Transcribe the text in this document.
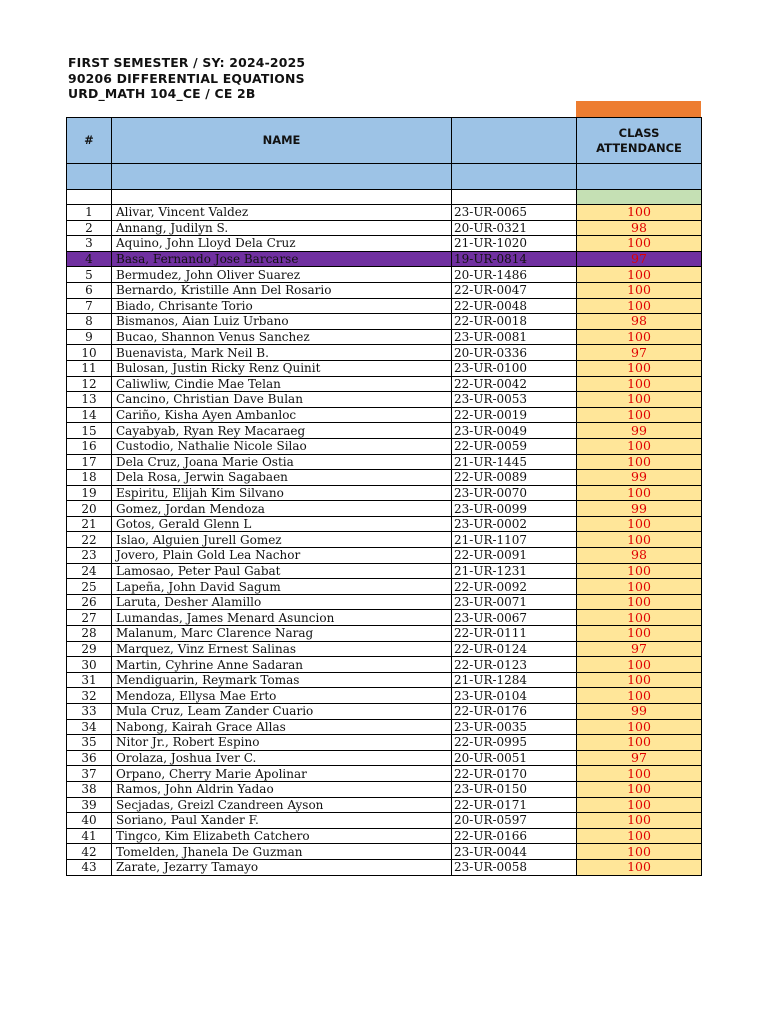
FIRST SEMESTER / SY: 2024-2025
90206 DIFFERENTIAL EQUATIONS
URD_MATH 104_CE / CE 2B
#	NAME		CLASS
ATTENDANCE

1	Alivar, Vincent Valdez	23-UR-0065	100
2	Annang, Judilyn S.	20-UR-0321	98
3	Aquino, John Lloyd Dela Cruz	21-UR-1020	100
4	Basa, Fernando Jose Barcarse	19-UR-0814	97
5	Bermudez, John Oliver Suarez	20-UR-1486	100
6	Bernardo, Kristille Ann Del Rosario	22-UR-0047	100
7	Biado, Chrisante Torio	22-UR-0048	100
8	Bismanos, Aian Luiz Urbano	22-UR-0018	98
9	Bucao, Shannon Venus Sanchez	23-UR-0081	100
10	Buenavista, Mark Neil B.	20-UR-0336	97
11	Bulosan, Justin Ricky Renz Quinit	23-UR-0100	100
12	Caliwliw, Cindie Mae Telan	22-UR-0042	100
13	Cancino, Christian Dave Bulan	23-UR-0053	100
14	Cariño, Kisha Ayen Ambanloc	22-UR-0019	100
15	Cayabyab, Ryan Rey Macaraeg	23-UR-0049	99
16	Custodio, Nathalie Nicole Silao	22-UR-0059	100
17	Dela Cruz, Joana Marie Ostia	21-UR-1445	100
18	Dela Rosa, Jerwin Sagabaen	22-UR-0089	99
19	Espiritu, Elijah Kim Silvano	23-UR-0070	100
20	Gomez, Jordan Mendoza	23-UR-0099	99
21	Gotos, Gerald Glenn L	23-UR-0002	100
22	Islao, Alguien Jurell Gomez	21-UR-1107	100
23	Jovero, Plain Gold Lea Nachor	22-UR-0091	98
24	Lamosao, Peter Paul Gabat	21-UR-1231	100
25	Lapeña, John David Sagum	22-UR-0092	100
26	Laruta, Desher Alamillo	23-UR-0071	100
27	Lumandas, James Menard Asuncion	23-UR-0067	100
28	Malanum, Marc Clarence Narag	22-UR-0111	100
29	Marquez, Vinz Ernest Salinas	22-UR-0124	97
30	Martin, Cyhrine Anne Sadaran	22-UR-0123	100
31	Mendiguarin, Reymark Tomas	21-UR-1284	100
32	Mendoza, Ellysa Mae Erto	23-UR-0104	100
33	Mula Cruz, Leam Zander Cuario	22-UR-0176	99
34	Nabong, Kairah Grace Allas	23-UR-0035	100
35	Nitor Jr., Robert Espino	22-UR-0995	100
36	Orolaza, Joshua Iver C.	20-UR-0051	97
37	Orpano, Cherry Marie Apolinar	22-UR-0170	100
38	Ramos, John Aldrin Yadao	23-UR-0150	100
39	Secjadas, Greizl Czandreen Ayson	22-UR-0171	100
40	Soriano, Paul Xander F.	20-UR-0597	100
41	Tingco, Kim Elizabeth Catchero	22-UR-0166	100
42	Tomelden, Jhanela De Guzman	23-UR-0044	100
43	Zarate, Jezarry Tamayo	23-UR-0058	100
